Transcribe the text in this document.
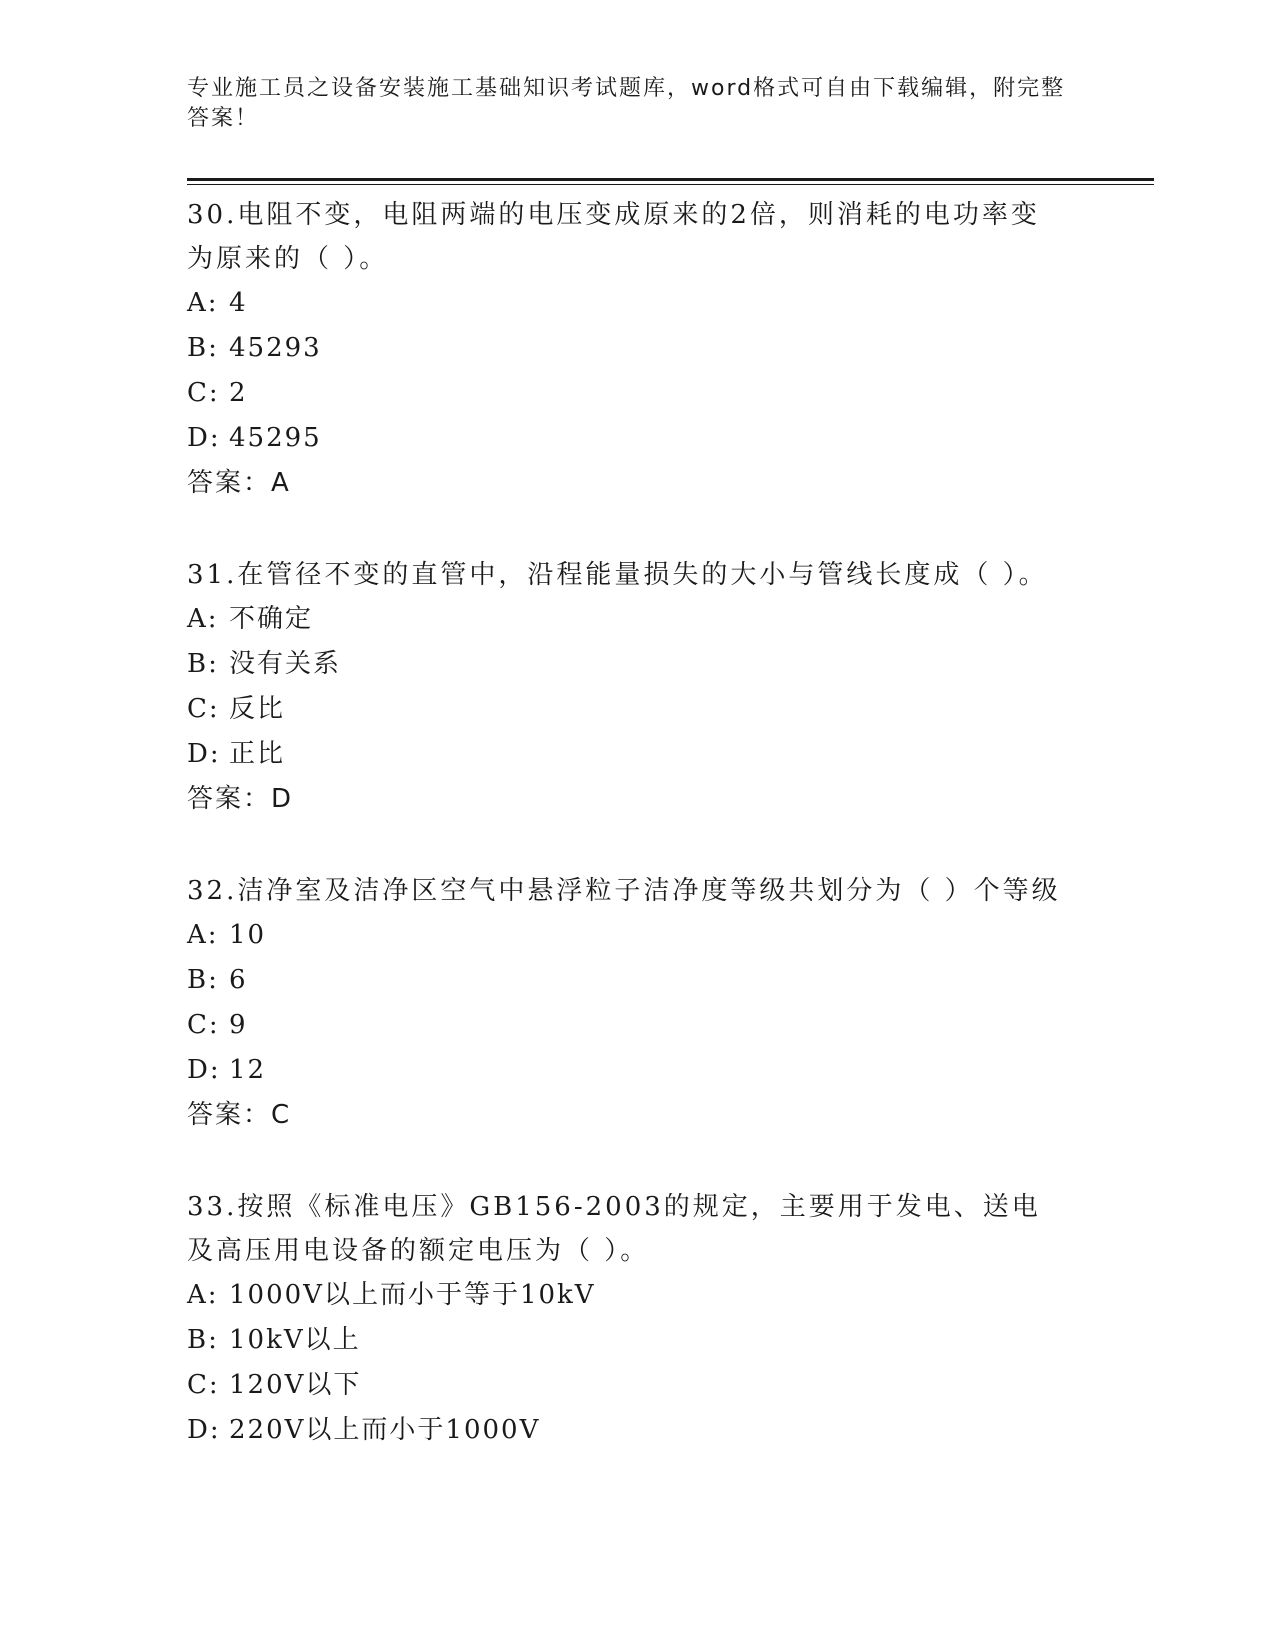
专业施工员之设备安装施工基础知识考试题库，word格式可自由下载编辑，附完整答案！

30.电阻不变，电阻两端的电压变成原来的2倍，则消耗的电功率变为原来的（ ）。

A: 4

B: 45293

C: 2

D: 45295

答案：A

31.在管径不变的直管中，沿程能量损失的大小与管线长度成（ ）。

A: 不确定

B: 没有关系

C: 反比

D: 正比

答案：D

32.洁净室及洁净区空气中悬浮粒子洁净度等级共划分为（ ）个等级

A: 10

B: 6

C: 9

D: 12

答案：C

33.按照《标准电压》GB156-2003的规定，主要用于发电、送电及高压用电设备的额定电压为（ ）。

A: 1000V以上而小于等于10kV

B: 10kV以上

C: 120V以下

D: 220V以上而小于1000V
